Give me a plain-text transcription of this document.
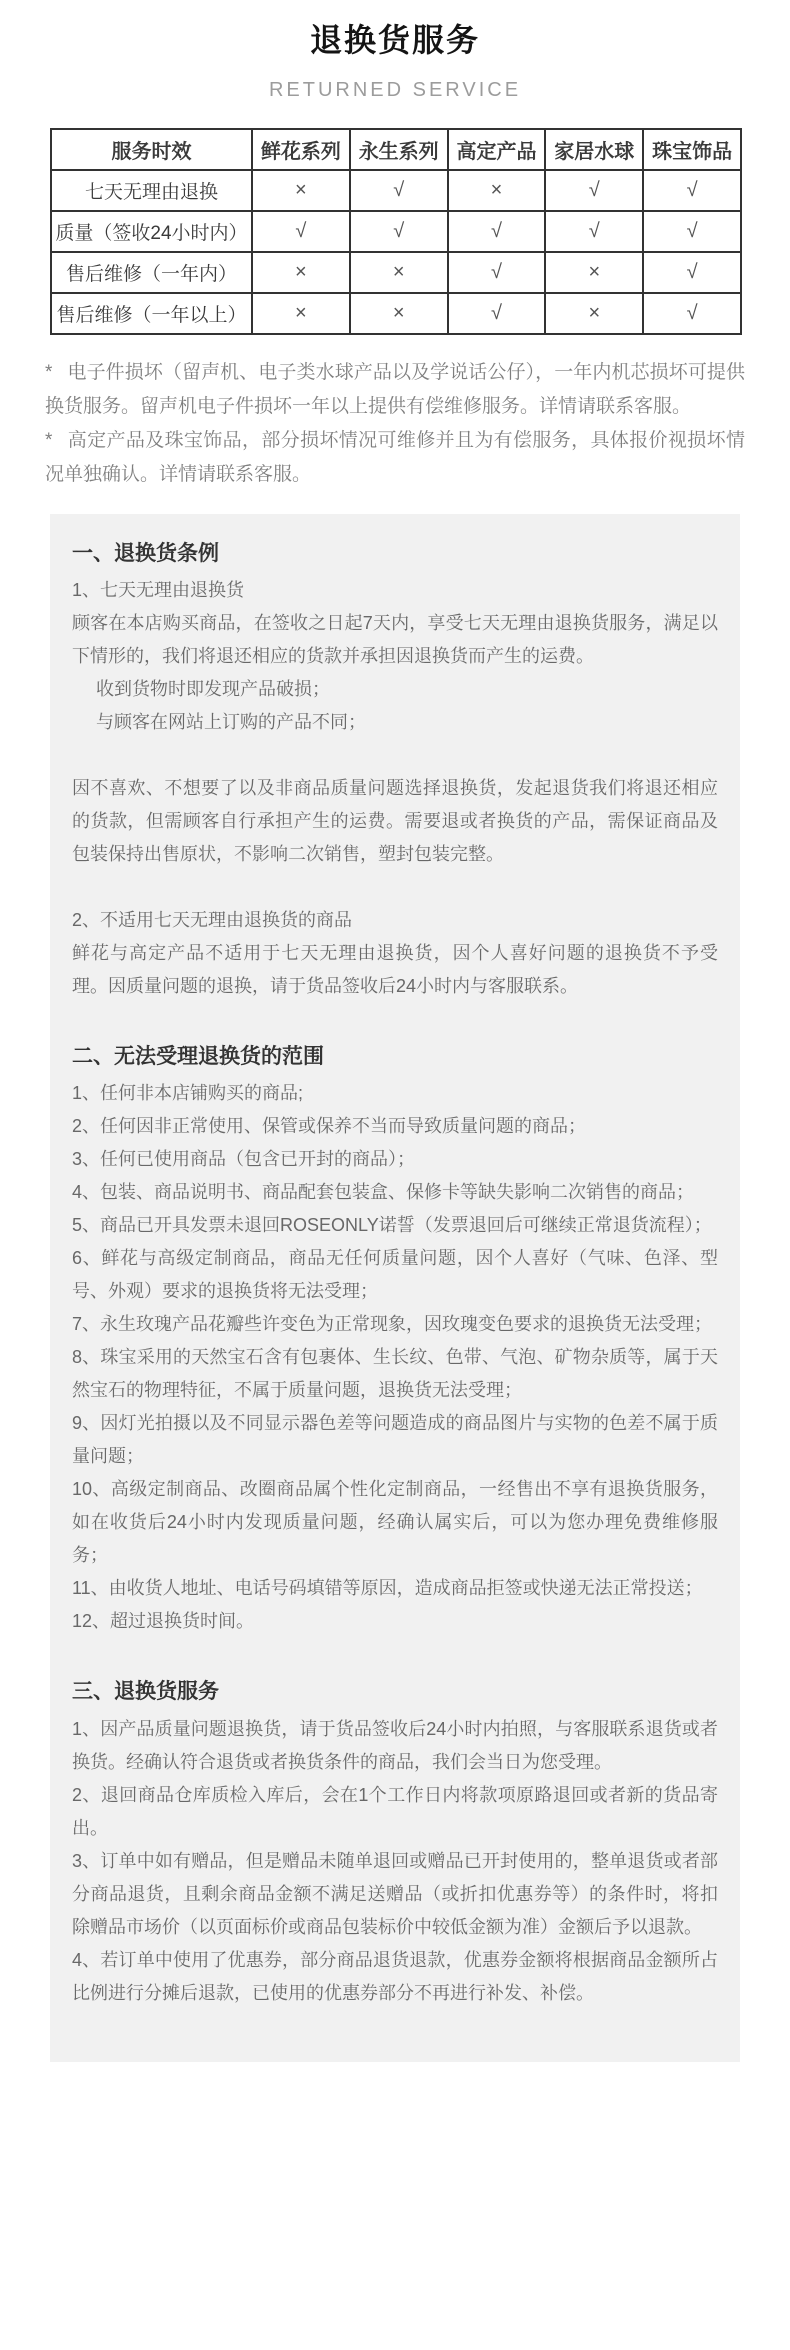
退换货服务
RETURNED SERVICE
服务时效	鲜花系列	永生系列	高定产品	家居水球	珠宝饰品
七天无理由退换	×	√	×	√	√
质量（签收24小时内）	√	√	√	√	√
售后维修（一年内）	×	×	√	×	√
售后维修（一年以上）	×	×	√	×	√

* 电子件损坏（留声机、电子类水球产品以及学说话公仔），一年内机芯损坏可提供换货服务。留声机电子件损坏一年以上提供有偿维修服务。详情请联系客服。

* 高定产品及珠宝饰品，部分损坏情况可维修并且为有偿服务，具体报价视损坏情况单独确认。详情请联系客服。

一、退换货条例

1、七天无理由退换货

顾客在本店购买商品，在签收之日起7天内，享受七天无理由退换货服务，满足以下情形的，我们将退还相应的货款并承担因退换货而产生的运费。

收到货物时即发现产品破损；

与顾客在网站上订购的产品不同；

因不喜欢、不想要了以及非商品质量问题选择退换货，发起退货我们将退还相应的货款，但需顾客自行承担产生的运费。需要退或者换货的产品，需保证商品及包装保持出售原状，不影响二次销售，塑封包装完整。

2、不适用七天无理由退换货的商品

鲜花与高定产品不适用于七天无理由退换货，因个人喜好问题的退换货不予受理。因质量问题的退换，请于货品签收后24小时内与客服联系。

二、无法受理退换货的范围

1、任何非本店铺购买的商品;

2、任何因非正常使用、保管或保养不当而导致质量问题的商品；

3、任何已使用商品（包含已开封的商品）；

4、包装、商品说明书、商品配套包装盒、保修卡等缺失影响二次销售的商品；

5、商品已开具发票未退回ROSEONLY诺誓（发票退回后可继续正常退货流程）；

6、鲜花与高级定制商品，商品无任何质量问题，因个人喜好（气味、色泽、型号、外观）要求的退换货将无法受理；

7、永生玫瑰产品花瓣些许变色为正常现象，因玫瑰变色要求的退换货无法受理；

8、珠宝采用的天然宝石含有包裹体、生长纹、色带、气泡、矿物杂质等，属于天然宝石的物理特征，不属于质量问题，退换货无法受理；

9、因灯光拍摄以及不同显示器色差等问题造成的商品图片与实物的色差不属于质量问题；

10、高级定制商品、改圈商品属个性化定制商品，一经售出不享有退换货服务，如在收货后24小时内发现质量问题，经确认属实后，可以为您办理免费维修服务；

11、由收货人地址、电话号码填错等原因，造成商品拒签或快递无法正常投送；

12、超过退换货时间。

三、退换货服务

1、因产品质量问题退换货，请于货品签收后24小时内拍照，与客服联系退货或者换货。经确认符合退货或者换货条件的商品，我们会当日为您受理。

2、退回商品仓库质检入库后，会在1个工作日内将款项原路退回或者新的货品寄出。

3、订单中如有赠品，但是赠品未随单退回或赠品已开封使用的，整单退货或者部分商品退货，且剩余商品金额不满足送赠品（或折扣优惠券等）的条件时，将扣除赠品市场价（以页面标价或商品包装标价中较低金额为准）金额后予以退款。

4、若订单中使用了优惠券，部分商品退货退款，优惠券金额将根据商品金额所占比例进行分摊后退款，已使用的优惠券部分不再进行补发、补偿。
